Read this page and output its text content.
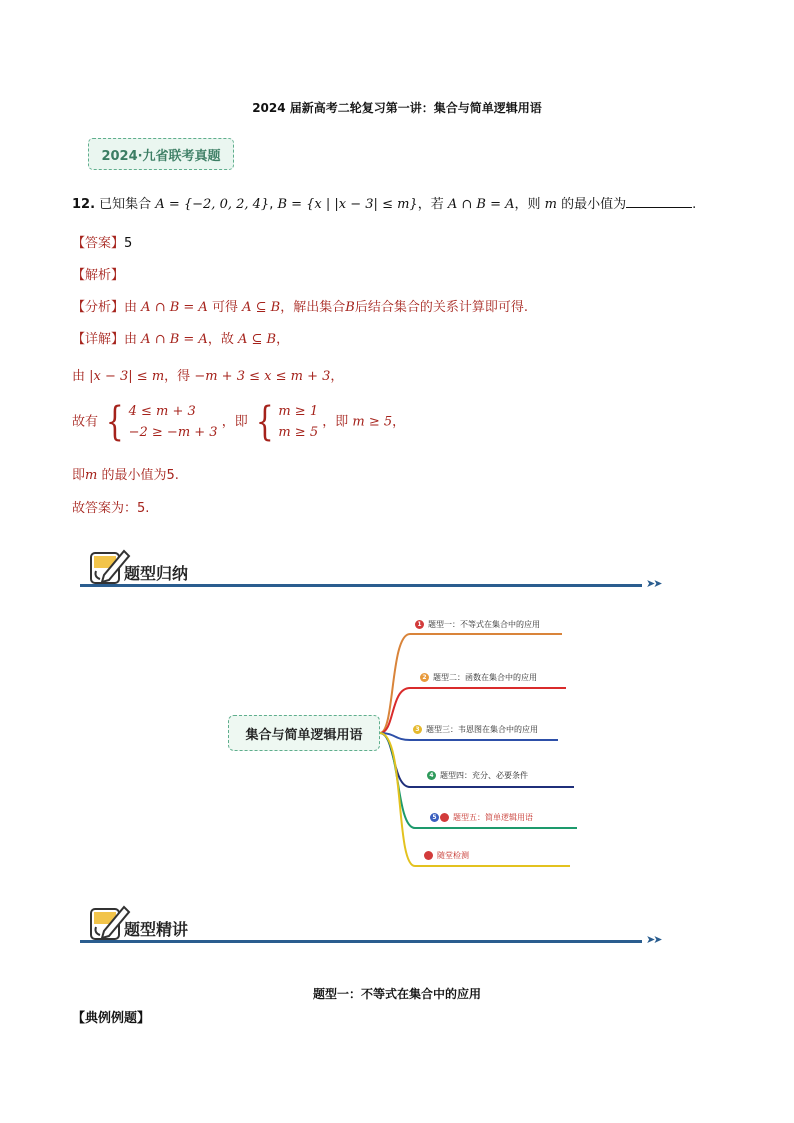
2024 届新高考二轮复习第一讲：集合与简单逻辑用语
2024·九省联考真题
12. 已知集合 A = {−2, 0, 2, 4}, B = {x | |x − 3| ≤ m}，若 A ∩ B = A，则 m 的最小值为	.
【答案】5
【解析】
【分析】由 A ∩ B = A 可得 A ⊆ B，解出集合B后结合集合的关系计算即可得.
【详解】由 A ∩ B = A，故 A ⊆ B，
由 |x − 3| ≤ m，得 −m + 3 ≤ x ≤ m + 3，
故有 { 4 ≤ m + 3
−2 ≥ −m + 3
，即 { m ≥ 1
m ≥ 5
，即 m ≥ 5，
即m 的最小值为5.
故答案为：5.
题型归纳
➤➤
集合与简单逻辑用语
1 题型一：不等式在集合中的应用
2 题型二：函数在集合中的应用
3 题型三：韦恩图在集合中的应用
4 题型四：充分、必要条件
5	题型五：简单逻辑用语
随堂检测
题型精讲
➤➤
题型一：不等式在集合中的应用
【典例例题】
